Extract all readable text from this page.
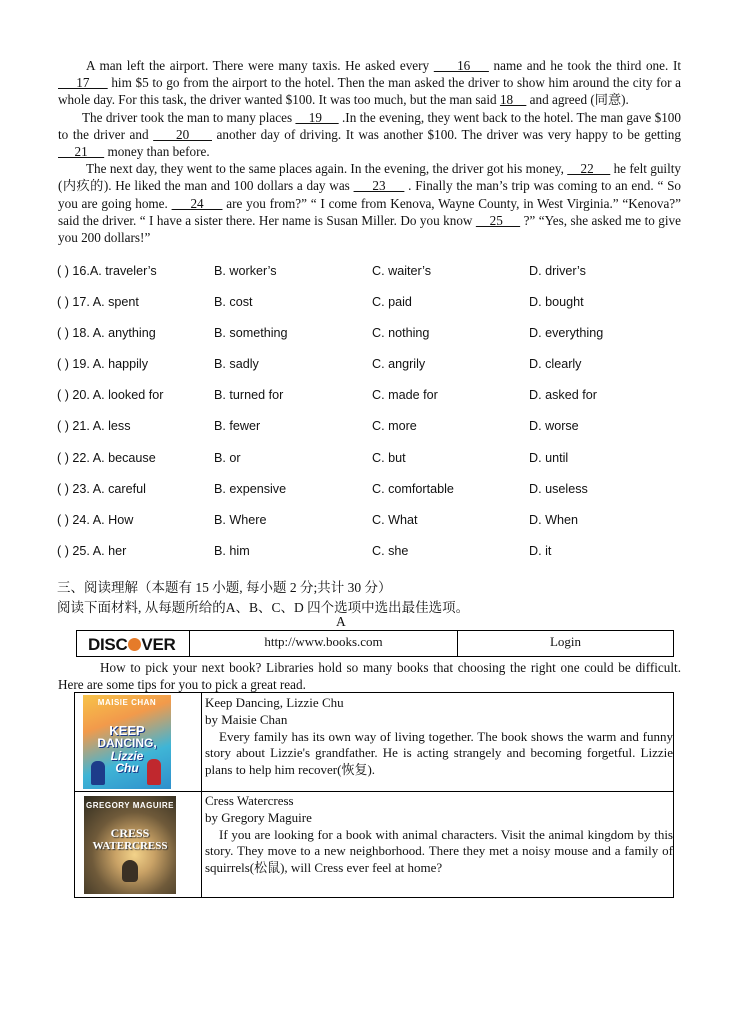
A man left the airport. There were many taxis. He asked every      16     name and he took the third one. It      17      him $5 to go from the airport to the hotel. Then the man asked the driver to show him around the city for a whole day. For this task, the driver wanted $100. It was too much, but the man said 18     and agreed (同意).

The driver took the man to many places     19      .In the evening, they went back to the hotel. The man gave $100 to the driver and      20      another day of driving. It was another $100. The driver was very happy to be getting      21      money than before.

The next day, they went to the same places again. In the evening, the driver got his money,     22      he felt guilty (内疚的). He liked the man and 100 dollars a day was      23      . Finally the man’s trip was coming to an end. “ So you are going home.      24      are you from?” “ I come from Kenova, Wayne County, in West Virginia.” “Kenova?” said the driver. “ I have a sister there. Her name is Susan Miller. Do you know     25      ?” “Yes, she asked me to give you 200 dollars!”

( ) 16.A. traveler’s	B. worker’s	C. waiter’s	D. driver’s
( ) 17. A. spent	B. cost	C. paid	D. bought
( ) 18. A. anything	B. something	C. nothing	D. everything
( ) 19. A. happily	B. sadly	C. angrily	D. clearly
( ) 20. A. looked for	B. turned for	C. made for	D. asked for
( ) 21. A. less	B. fewer	C. more	D. worse
( ) 22. A. because	B. or	C. but	D. until
( ) 23. A. careful	B. expensive	C. comfortable	D. useless
( ) 24. A. How	B. Where	C. What	D. When
( ) 25. A. her	B. him	C. she	D. it
三、阅读理解（本题有 15 小题, 每小题 2 分;共计 30 分）
阅读下面材料, 从每题所给的A、B、C、D 四个选项中选出最佳选项。
A
DISC VER	http://www.books.com	Login
How to pick your next book? Libraries hold so many books that choosing the right one could be difficult. Here are some tips for you to pick a great read.
MAISIE CHAN
KEEP
DANCING,
Lizzie
Chu
Keep Dancing, Lizzie Chu
by Maisie Chan

Every family has its own way of living together. The book shows the warm and funny story about Lizzie's grandfather. He is acting strangely and becoming forgetful. Lizzie plans to help him recover(恢复).

GREGORY MAGUIRE
CRESS
WATERCRESS
Cress Watercress
by Gregory Maguire

If you are looking for a book with animal characters. Visit the animal kingdom by this story. They move to a new neighborhood. There they met a noisy mouse and a family of squirrels(松鼠), will Cress ever feel at home?
